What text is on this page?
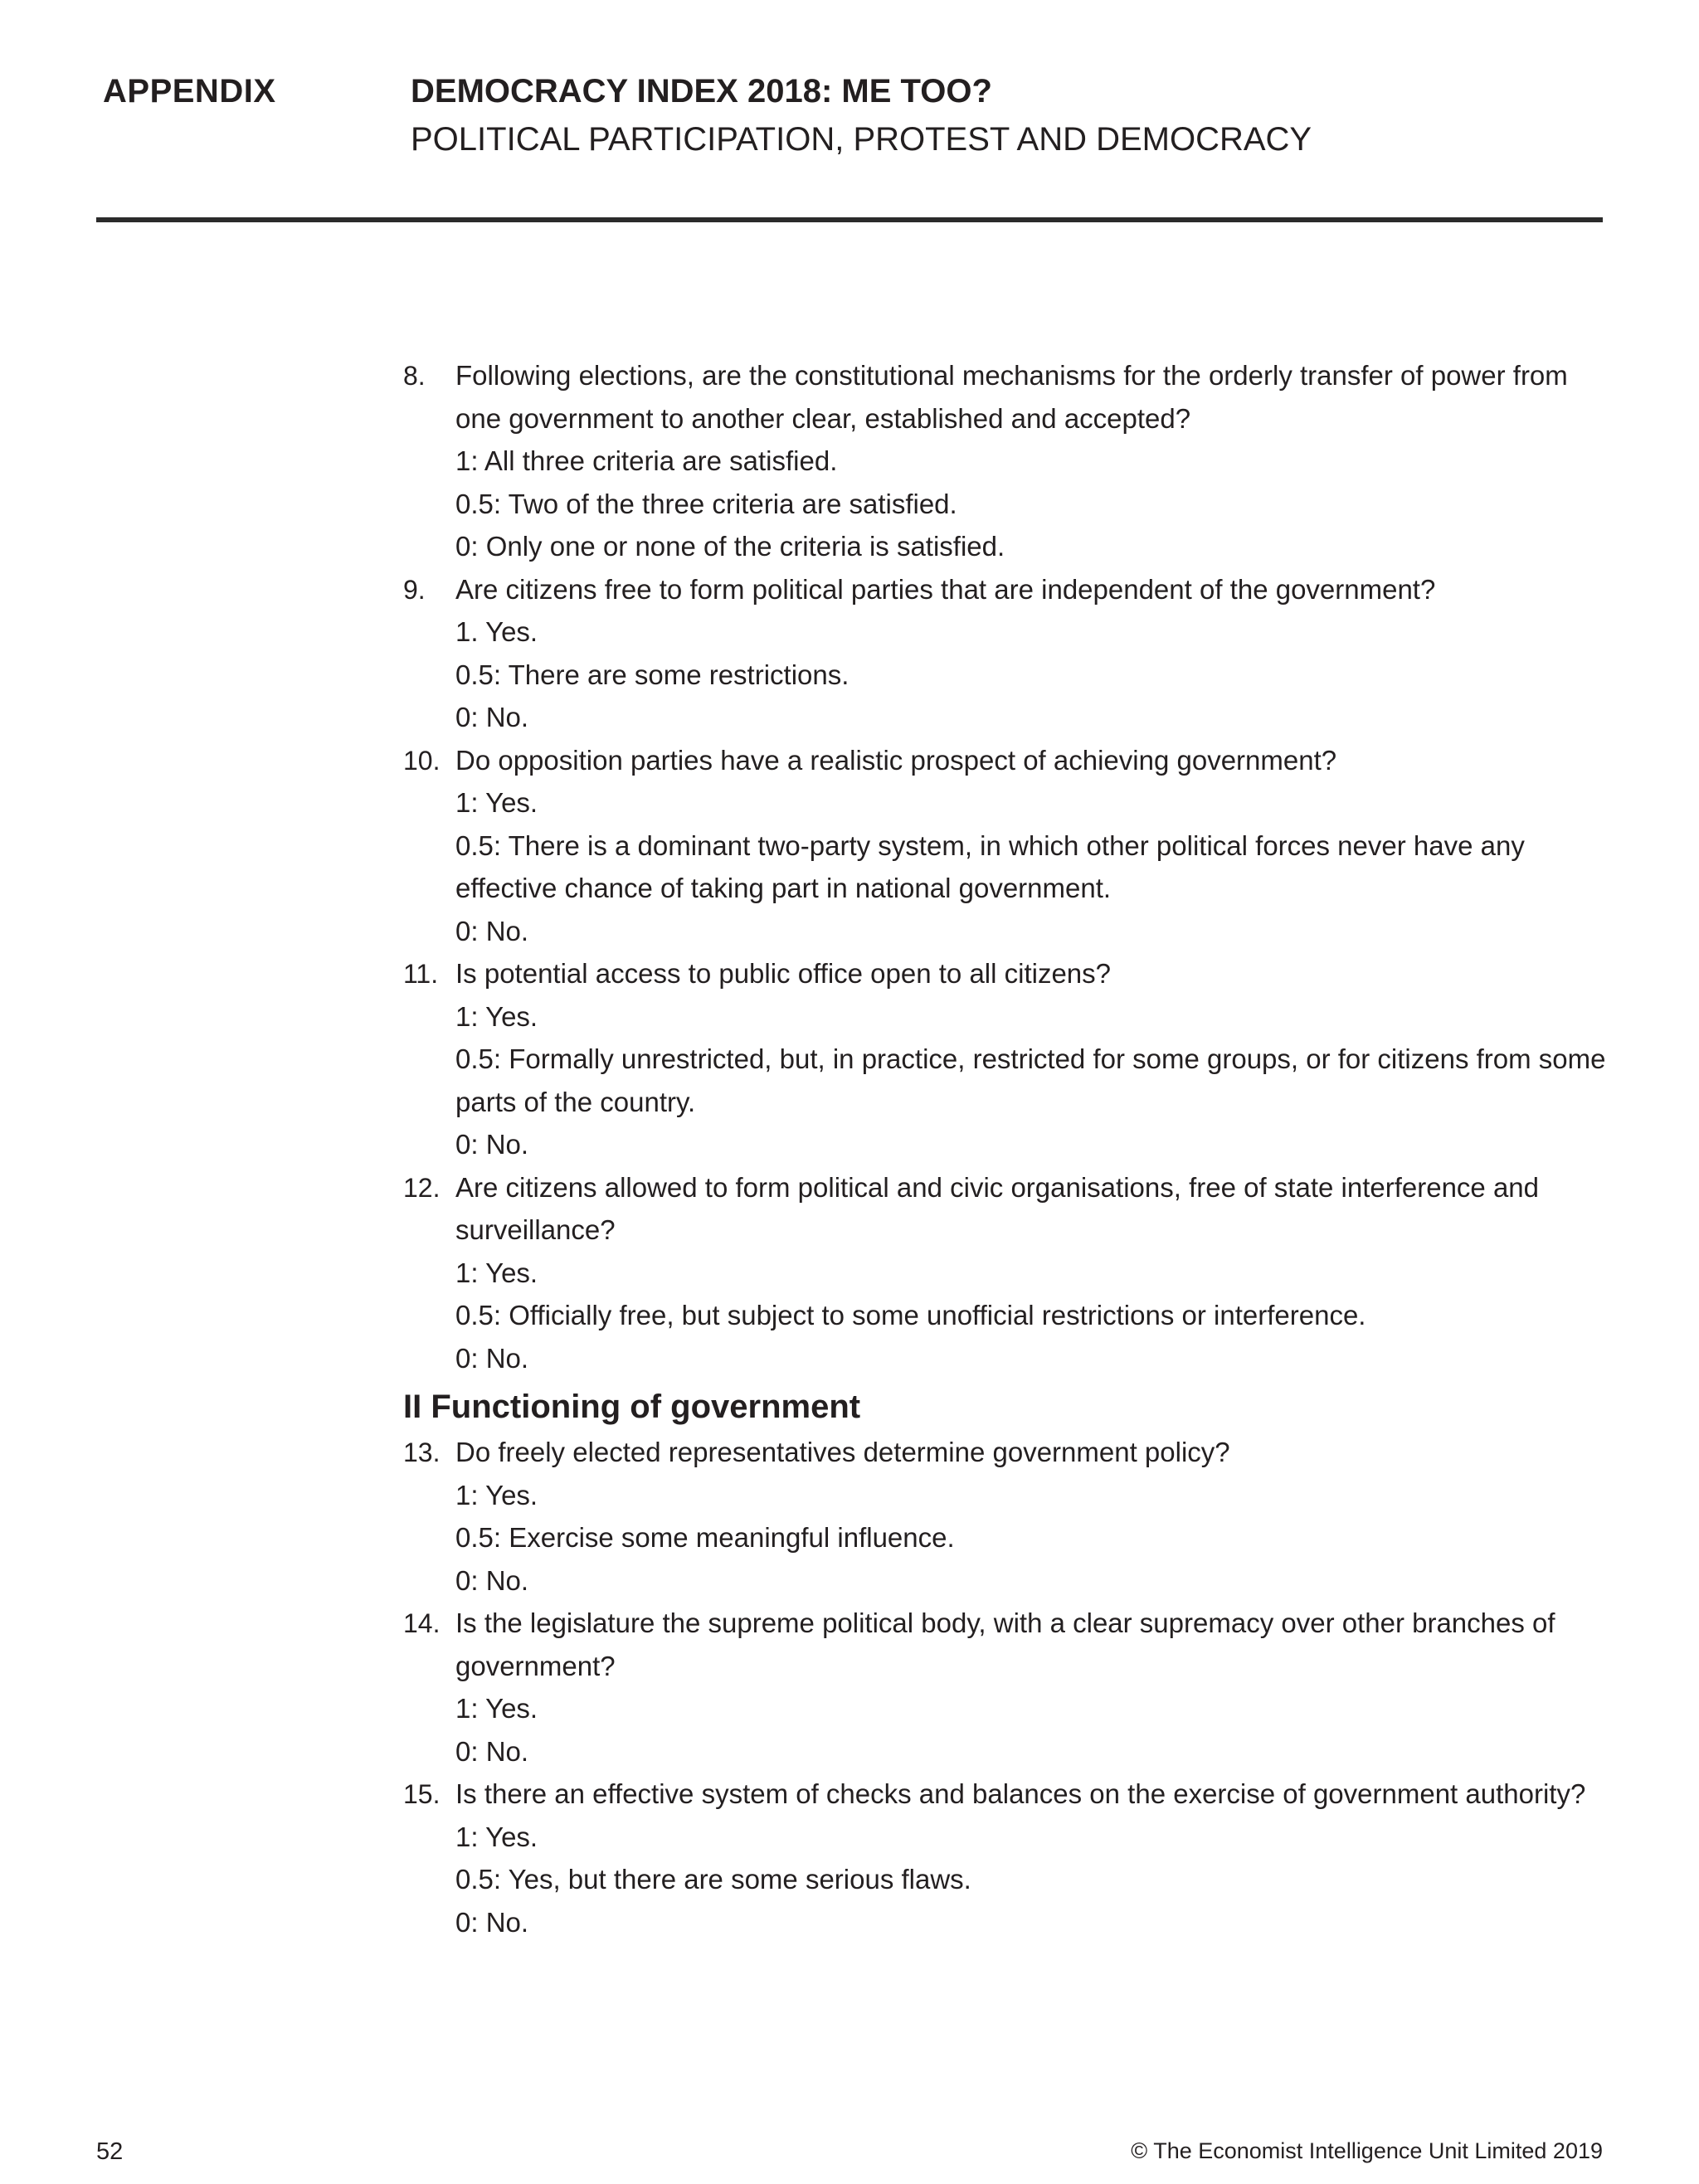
APPENDIX	DEMOCRACY INDEX 2018: ME TOO?
POLITICAL PARTICIPATION, PROTEST AND DEMOCRACY
8. Following elections, are the constitutional mechanisms for the orderly transfer of power from one government to another clear, established and accepted?
1: All three criteria are satisfied.
0.5: Two of the three criteria are satisfied.
0: Only one or none of the criteria is satisfied.
9. Are citizens free to form political parties that are independent of the government?
1. Yes.
0.5: There are some restrictions.
0: No.
10. Do opposition parties have a realistic prospect of achieving government?
1: Yes.
0.5: There is a dominant two-party system, in which other political forces never have any effective chance of taking part in national government.
0: No.
11. Is potential access to public office open to all citizens?
1: Yes.
0.5: Formally unrestricted, but, in practice, restricted for some groups, or for citizens from some parts of the country.
0: No.
12. Are citizens allowed to form political and civic organisations, free of state interference and surveillance?
1: Yes.
0.5: Officially free, but subject to some unofficial restrictions or interference.
0: No.
II Functioning of government
13. Do freely elected representatives determine government policy?
1: Yes.
0.5: Exercise some meaningful influence.
0: No.
14. Is the legislature the supreme political body, with a clear supremacy over other branches of government?
1: Yes.
0: No.
15. Is there an effective system of checks and balances on the exercise of government authority?
1: Yes.
0.5: Yes, but there are some serious flaws.
0: No.
52	© The Economist Intelligence Unit Limited 2019
